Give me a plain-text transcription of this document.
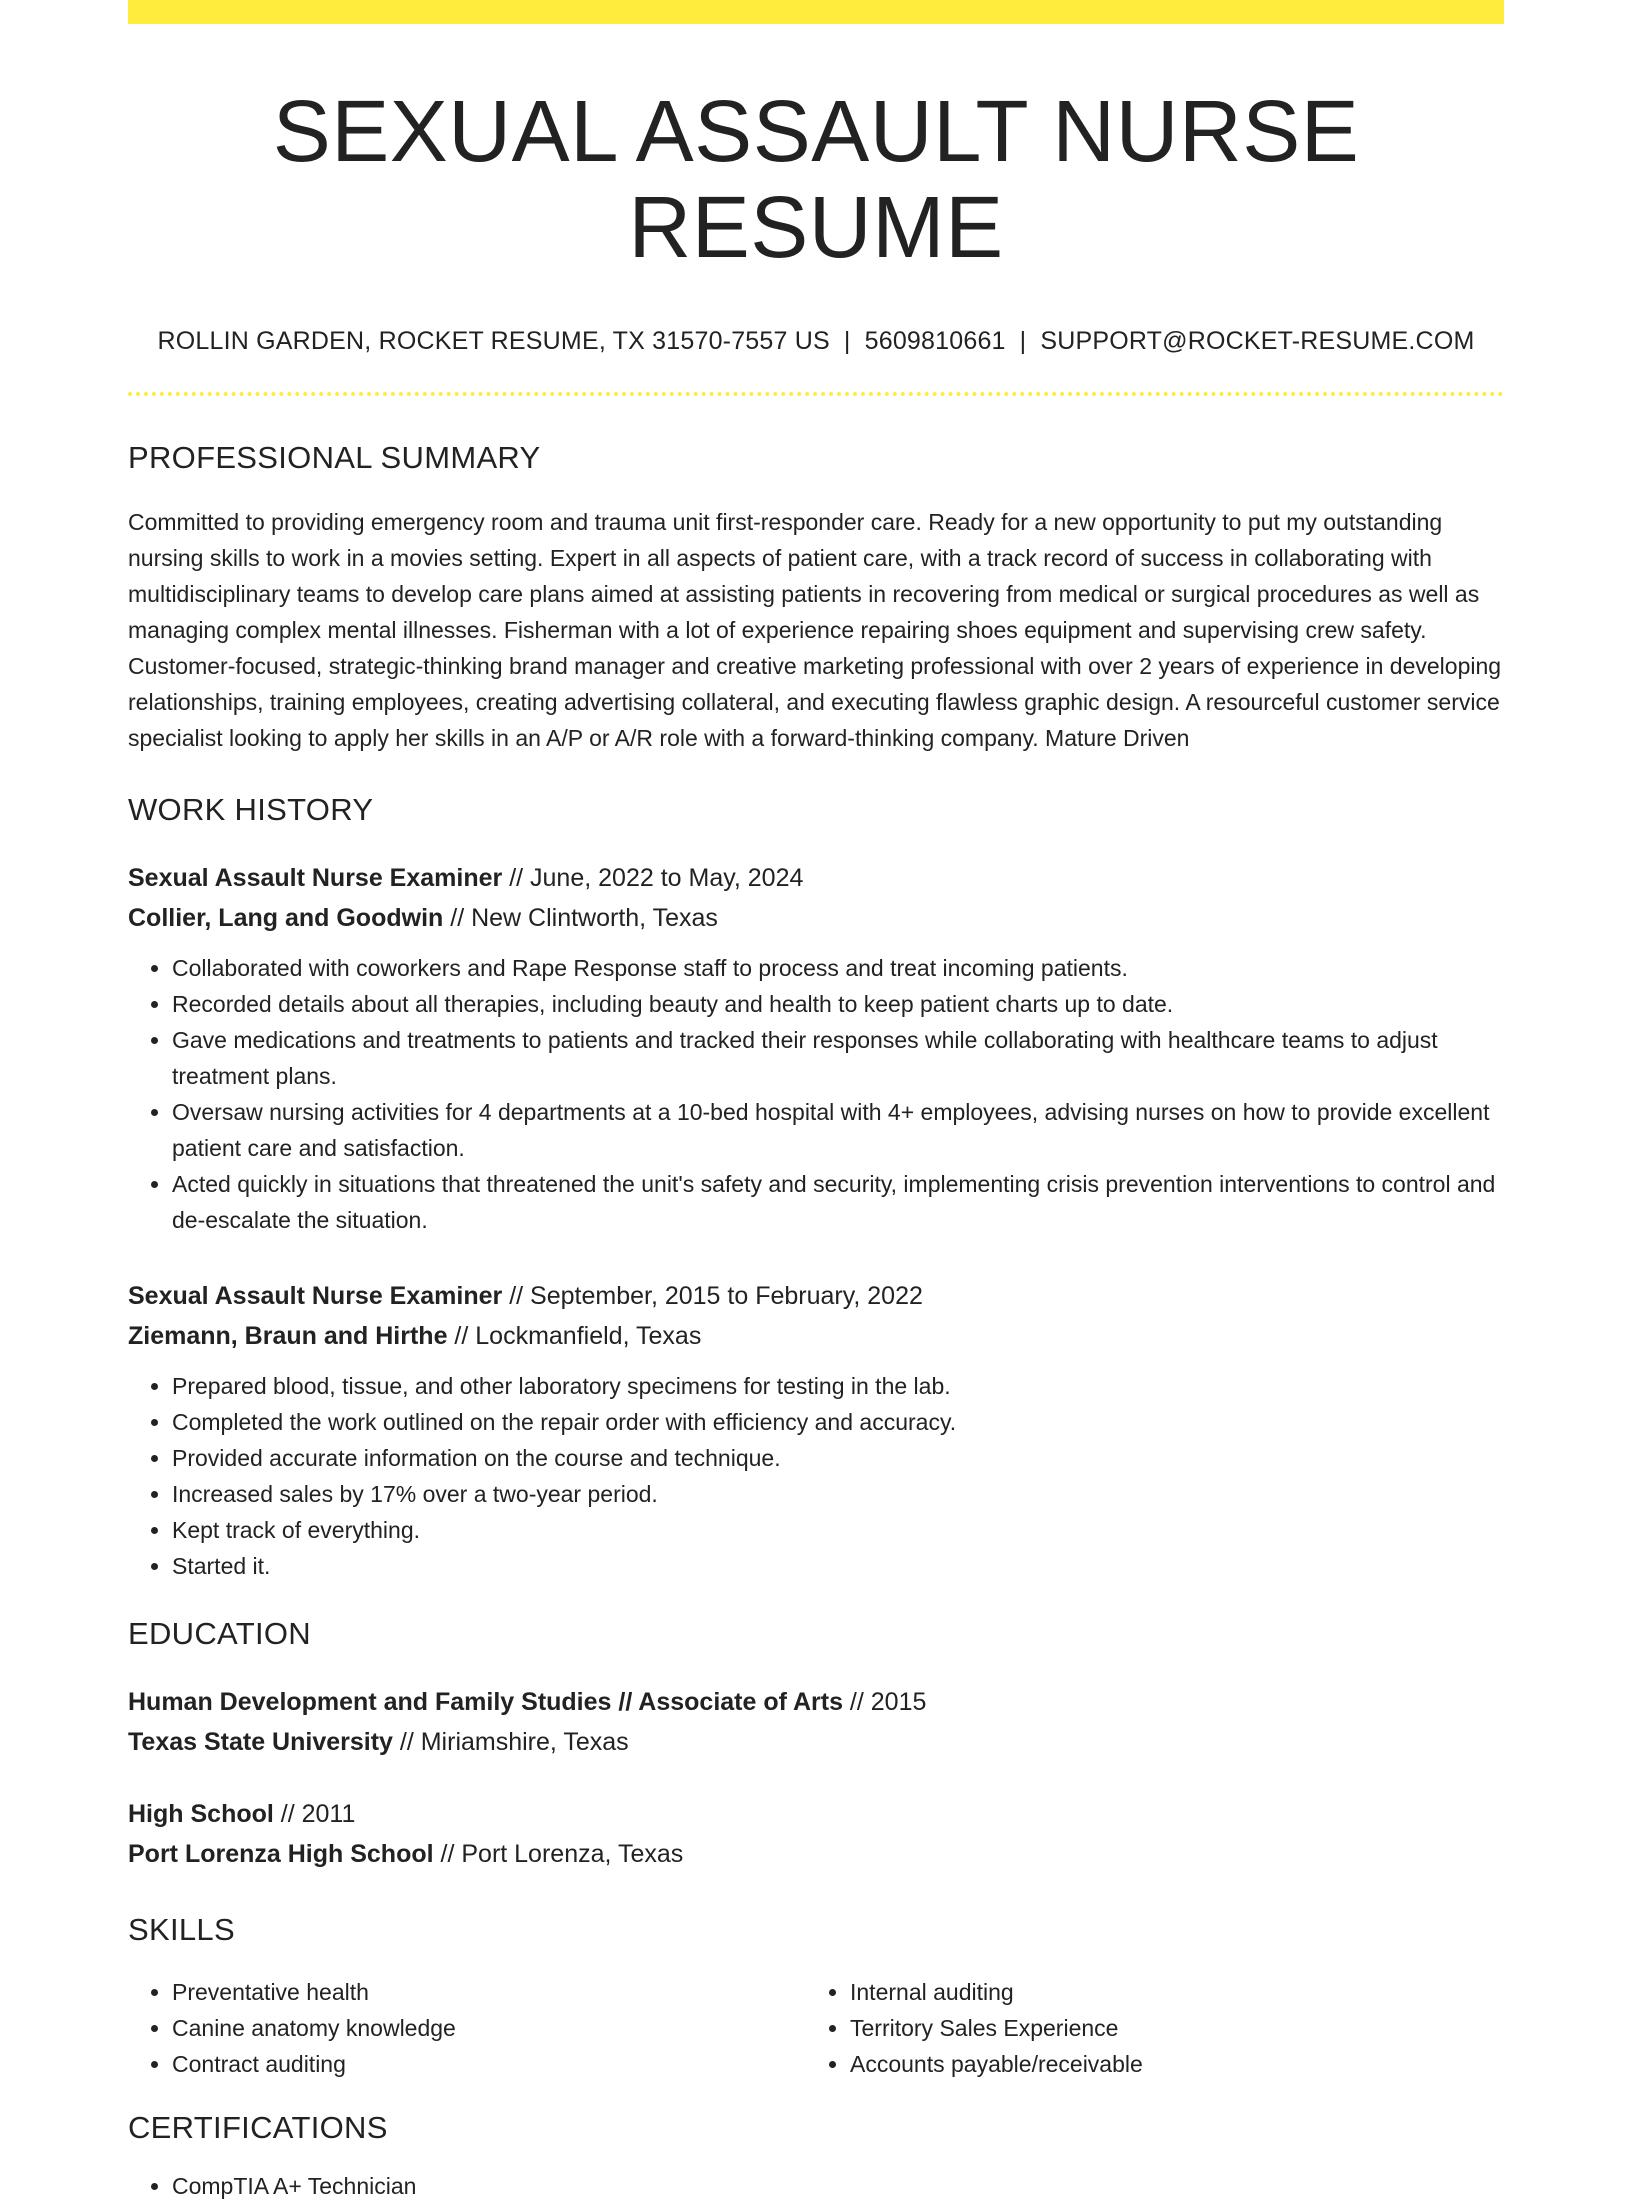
SEXUAL ASSAULT NURSE RESUME
ROLLIN GARDEN, ROCKET RESUME, TX 31570-7557 US | 5609810661 | SUPPORT@ROCKET-RESUME.COM
PROFESSIONAL SUMMARY
Committed to providing emergency room and trauma unit first-responder care. Ready for a new opportunity to put my outstanding nursing skills to work in a movies setting. Expert in all aspects of patient care, with a track record of success in collaborating with multidisciplinary teams to develop care plans aimed at assisting patients in recovering from medical or surgical procedures as well as managing complex mental illnesses. Fisherman with a lot of experience repairing shoes equipment and supervising crew safety. Customer-focused, strategic-thinking brand manager and creative marketing professional with over 2 years of experience in developing relationships, training employees, creating advertising collateral, and executing flawless graphic design. A resourceful customer service specialist looking to apply her skills in an A/P or A/R role with a forward-thinking company. Mature Driven
WORK HISTORY
Sexual Assault Nurse Examiner // June, 2022 to May, 2024
Collier, Lang and Goodwin // New Clintworth, Texas
• Collaborated with coworkers and Rape Response staff to process and treat incoming patients.
• Recorded details about all therapies, including beauty and health to keep patient charts up to date.
• Gave medications and treatments to patients and tracked their responses while collaborating with healthcare teams to adjust treatment plans.
• Oversaw nursing activities for 4 departments at a 10-bed hospital with 4+ employees, advising nurses on how to provide excellent patient care and satisfaction.
• Acted quickly in situations that threatened the unit's safety and security, implementing crisis prevention interventions to control and de-escalate the situation.
Sexual Assault Nurse Examiner // September, 2015 to February, 2022
Ziemann, Braun and Hirthe // Lockmanfield, Texas
• Prepared blood, tissue, and other laboratory specimens for testing in the lab.
• Completed the work outlined on the repair order with efficiency and accuracy.
• Provided accurate information on the course and technique.
• Increased sales by 17% over a two-year period.
• Kept track of everything.
• Started it.
EDUCATION
Human Development and Family Studies // Associate of Arts // 2015
Texas State University // Miriamshire, Texas
High School // 2011
Port Lorenza High School // Port Lorenza, Texas
SKILLS
• Preventative health
• Canine anatomy knowledge
• Contract auditing
• Internal auditing
• Territory Sales Experience
• Accounts payable/receivable
CERTIFICATIONS
• CompTIA A+ Technician
